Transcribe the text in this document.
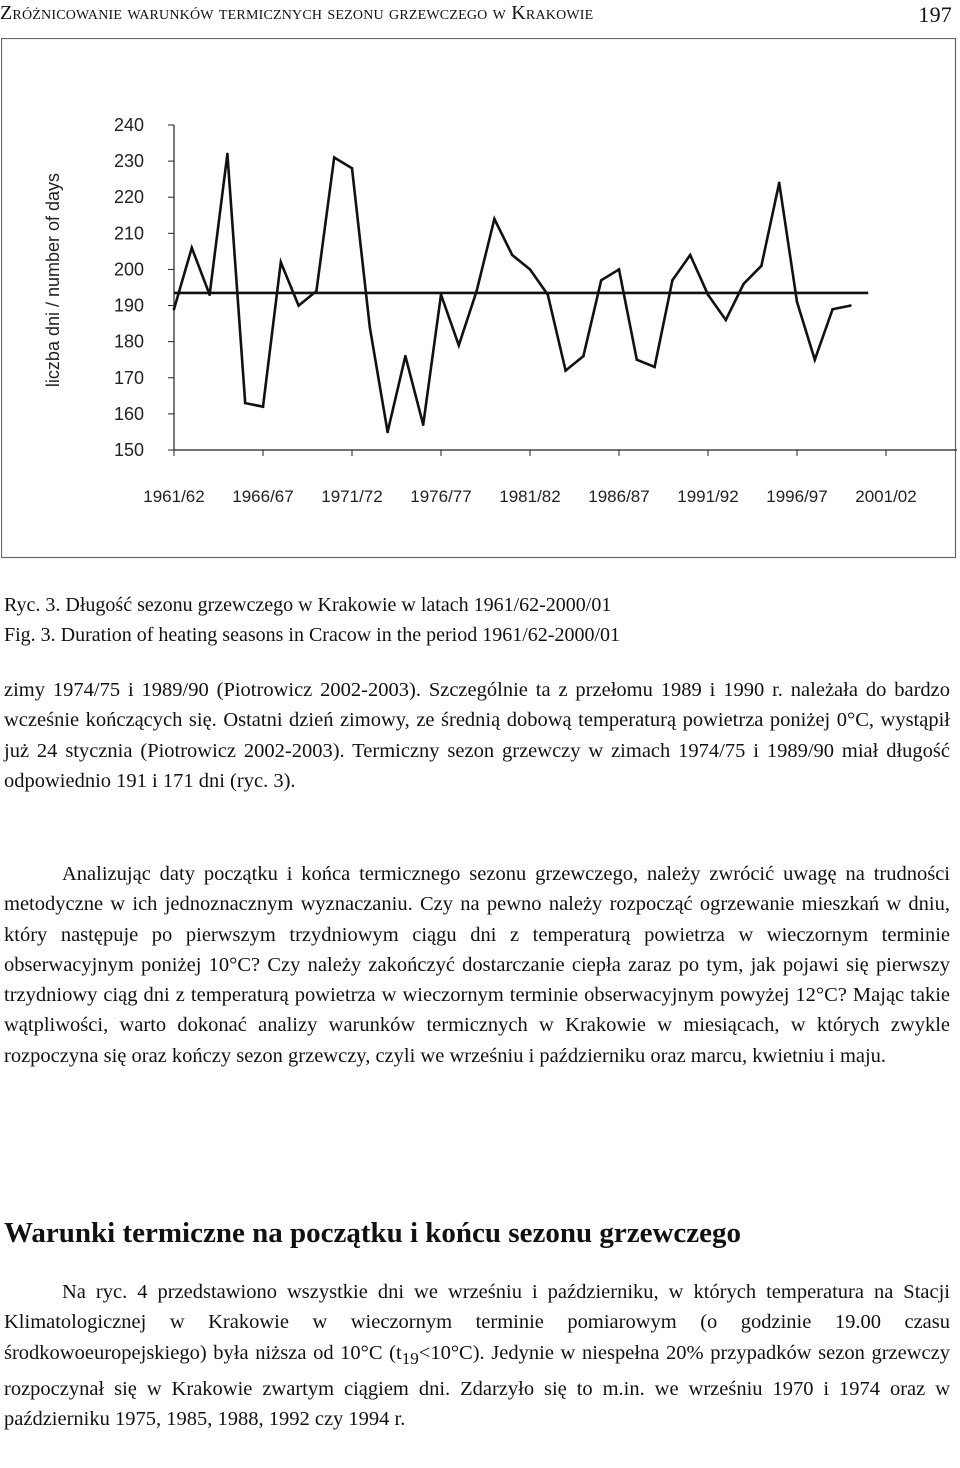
Zróżnicowanie warunków termicznych sezonu grzewczego w Krakowie	197
240
230
220
210
200
190
180
170
160
150
1961/62 1966/67 1971/72 1976/77 1981/82 1986/87 1991/92 1996/97 2001/02
liczba dni / number of days
Ryc. 3. Długość sezonu grzewczego w Krakowie w latach 1961/62-2000/01
Fig. 3. Duration of heating seasons in Cracow in the period 1961/62-2000/01

zimy 1974/75 i 1989/90 (Piotrowicz 2002-2003). Szczególnie ta z przełomu 1989 i 1990 r. należała do bardzo wcześnie kończących się. Ostatni dzień zimowy, ze średnią dobową temperaturą powietrza poniżej 0°C, wystąpił już 24 stycznia (Piotrowicz 2002-2003). Termiczny sezon grzewczy w zimach 1974/75 i 1989/90 miał długość odpowiednio 191 i 171 dni (ryc. 3).

Analizując daty początku i końca termicznego sezonu grzewczego, należy zwrócić uwagę na trudności metodyczne w ich jednoznacznym wyznaczaniu. Czy na pewno należy rozpocząć ogrzewanie mieszkań w dniu, który następuje po pierwszym trzydniowym ciągu dni z temperaturą powietrza w wieczornym terminie obserwacyjnym poniżej 10°C? Czy należy zakończyć dostarczanie ciepła zaraz po tym, jak pojawi się pierwszy trzydniowy ciąg dni z temperaturą powietrza w wieczornym terminie obserwacyjnym powyżej 12°C? Mając takie wątpliwości, warto dokonać analizy warunków termicznych w Krakowie w miesiącach, w których zwykle rozpoczyna się oraz kończy sezon grzewczy, czyli we wrześniu i październiku oraz marcu, kwietniu i maju.

Warunki termiczne na początku i końcu sezonu grzewczego

Na ryc. 4 przedstawiono wszystkie dni we wrześniu i październiku, w których temperatura na Stacji Klimatologicznej w Krakowie w wieczornym terminie pomiarowym (o godzinie 19.00 czasu środkowoeuropejskiego) była niższa od 10°C $(t_{19}<10^\circ C)$. Jedynie w niespełna 20% przypadków sezon grzewczy rozpoczynał się w Krakowie zwartym ciągiem dni. Zdarzyło się to m.in. we wrześniu 1970 i 1974 oraz w październiku 1975, 1985, 1988, 1992 czy 1994 r.
